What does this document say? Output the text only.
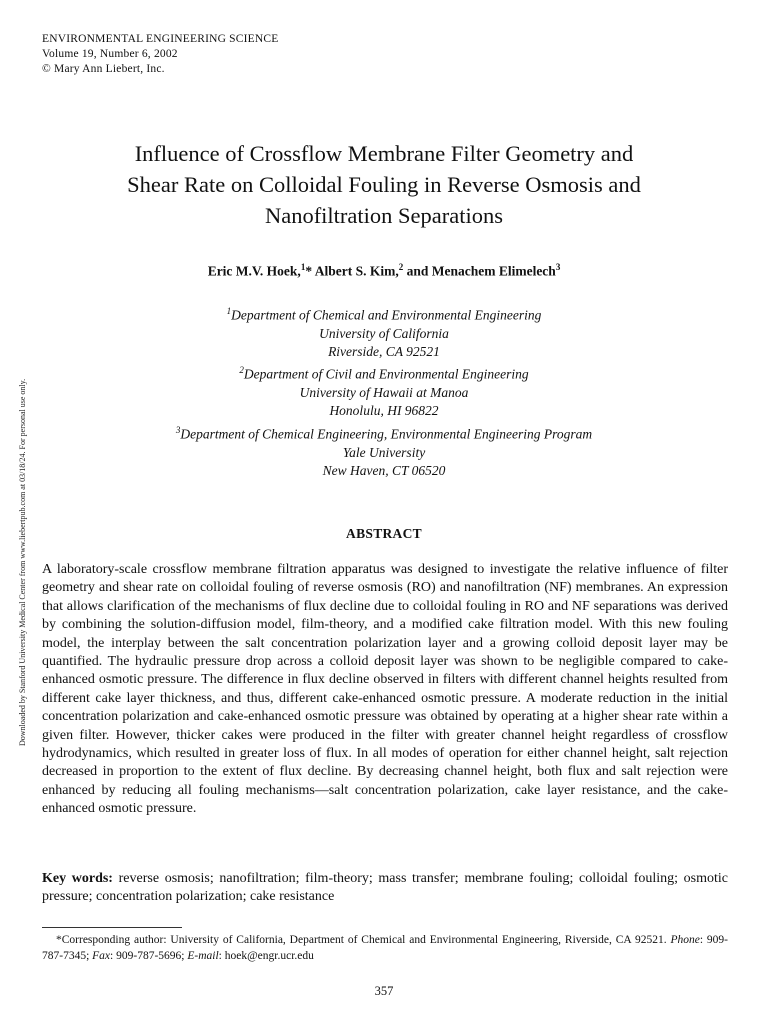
ENVIRONMENTAL ENGINEERING SCIENCE
Volume 19, Number 6, 2002
© Mary Ann Liebert, Inc.
Influence of Crossflow Membrane Filter Geometry and
Shear Rate on Colloidal Fouling in Reverse Osmosis and
Nanofiltration Separations
Eric M.V. Hoek,$^1$* Albert S. Kim,$^2$ and Menachem Elimelech$^3$
$^1$Department of Chemical and Environmental Engineering
University of California
Riverside, CA 92521
$^2$Department of Civil and Environmental Engineering
University of Hawaii at Manoa
Honolulu, HI 96822
$^3$Department of Chemical Engineering, Environmental Engineering Program
Yale University
New Haven, CT 06520
Downloaded by Stanford University Medical Center from www.liebertpub.com at 03/18/24. For personal use only.	ABSTRACT
A laboratory-scale crossflow membrane filtration apparatus was designed to investigate the relative influence of filter geometry and shear rate on colloidal fouling of reverse osmosis (RO) and nanofiltration (NF) membranes. An expression that allows clarification of the mechanisms of flux decline due to colloidal fouling in RO and NF separations was derived by combining the solution-diffusion model, film-theory, and a modified cake filtration model. With this new fouling model, the interplay between the salt concentration polarization layer and a growing colloid deposit layer may be quantified. The hydraulic pressure drop across a colloid deposit layer was shown to be negligible compared to cake-enhanced osmotic pressure. The difference in flux decline observed in filters with different channel heights resulted from different cake layer thickness, and thus, different cake-enhanced osmotic pressure. A moderate reduction in the initial concentration polarization and cake-enhanced osmotic pressure was obtained by operating at a higher shear rate within a given filter. However, thicker cakes were produced in the filter with greater channel height regardless of crossflow hydrodynamics, which resulted in greater loss of flux. In all modes of operation for either channel height, salt rejection decreased in proportion to the extent of flux decline. By decreasing channel height, both flux and salt rejection were enhanced by reducing all fouling mechanisms—salt concentration polarization, cake layer resistance, and the cake-enhanced osmotic pressure.
Key words: reverse osmosis; nanofiltration; film-theory; mass transfer; membrane fouling; colloidal fouling; osmotic pressure; concentration polarization; cake resistance
*Corresponding author: University of California, Department of Chemical and Environmental Engineering, Riverside, CA 92521. Phone: 909-787-7345; Fax: 909-787-5696; E-mail: hoek@engr.ucr.edu
357
